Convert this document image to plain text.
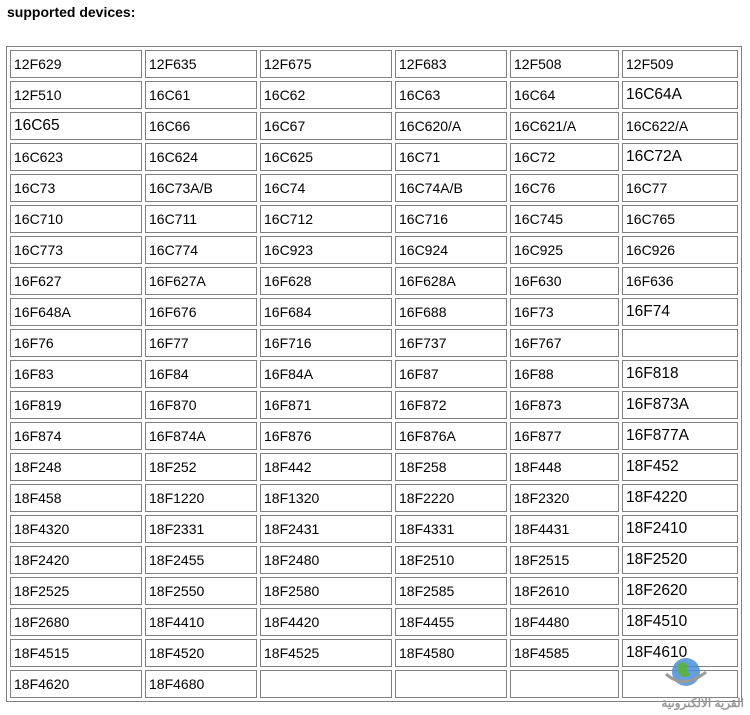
supported devices:
12F629	12F635	12F675	12F683	12F508	12F509
12F510	16C61	16C62	16C63	16C64	16C64A
16C65	16C66	16C67	16C620/A	16C621/A	16C622/A
16C623	16C624	16C625	16C71	16C72	16C72A
16C73	16C73A/B	16C74	16C74A/B	16C76	16C77
16C710	16C711	16C712	16C716	16C745	16C765
16C773	16C774	16C923	16C924	16C925	16C926
16F627	16F627A	16F628	16F628A	16F630	16F636
16F648A	16F676	16F684	16F688	16F73	16F74
16F76	16F77	16F716	16F737	16F767	
16F83	16F84	16F84A	16F87	16F88	16F818
16F819	16F870	16F871	16F872	16F873	16F873A
16F874	16F874A	16F876	16F876A	16F877	16F877A
18F248	18F252	18F442	18F258	18F448	18F452
18F458	18F1220	18F1320	18F2220	18F2320	18F4220
18F4320	18F2331	18F2431	18F4331	18F4431	18F2410
18F2420	18F2455	18F2480	18F2510	18F2515	18F2520
18F2525	18F2550	18F2580	18F2585	18F2610	18F2620
18F2680	18F4410	18F4420	18F4455	18F4480	18F4510
18F4515	18F4520	18F4525	18F4580	18F4585	18F4610
18F4620	18F4680				
القرية الالكترونية
